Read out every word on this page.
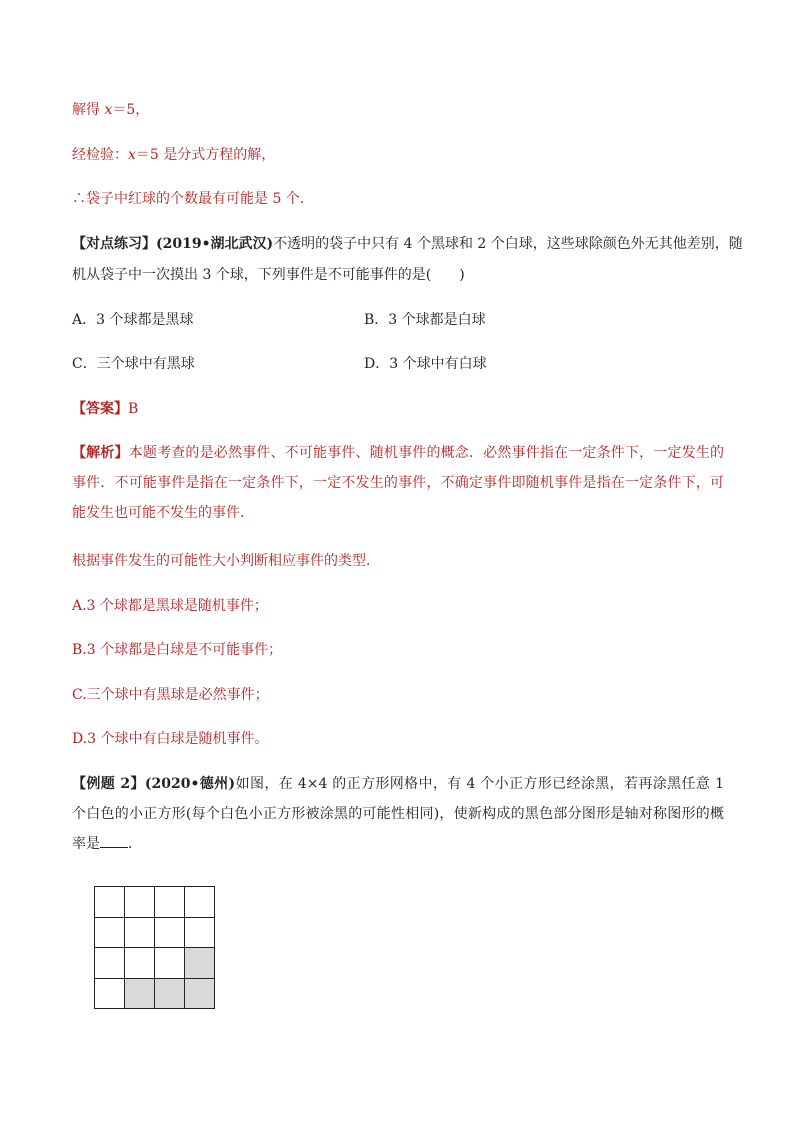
解得 x＝5，
经检验：x＝5 是分式方程的解，
∴袋子中红球的个数最有可能是 5 个.
【对点练习】(2019•湖北武汉)不透明的袋子中只有 4 个黑球和 2 个白球，这些球除颜色外无其他差别，随
机从袋子中一次摸出 3 个球，下列事件是不可能事件的是(　　)
A．3 个球都是黑球	B．3 个球都是白球
C．三个球中有黑球	D．3 个球中有白球
【答案】B
【解析】本题考查的是必然事件、不可能事件、随机事件的概念．必然事件指在一定条件下，一定发生的事件．不可能事件是指在一定条件下，一定不发生的事件，不确定事件即随机事件是指在一定条件下，可能发生也可能不发生的事件．
根据事件发生的可能性大小判断相应事件的类型．
A.3 个球都是黑球是随机事件；
B.3 个球都是白球是不可能事件；
C.三个球中有黑球是必然事件；
D.3 个球中有白球是随机事件。
【例题 2】(2020•德州)如图，在 4×4 的正方形网格中，有 4 个小正方形已经涂黑，若再涂黑任意 1 个白色的小正方形(每个白色小正方形被涂黑的可能性相同)，使新构成的黑色部分图形是轴对称图形的概率是 ．
